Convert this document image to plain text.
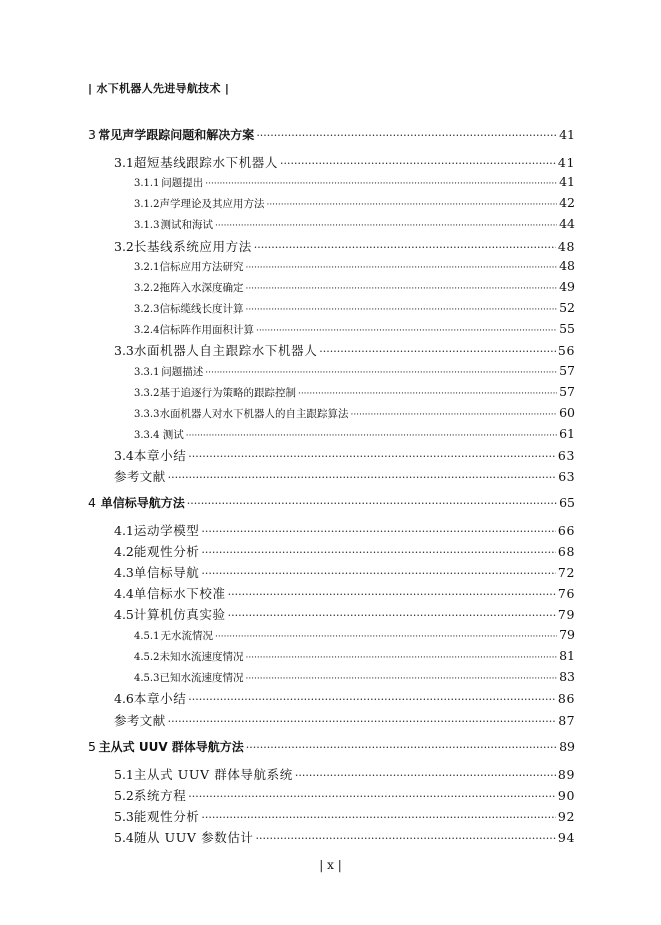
| 水下机器人先进导航技术 |
3 常见声学跟踪问题和解决方案 ·····	41
3.1 超短基线跟踪水下机器人 ·····	41
3.1.1 问题提出 ·····	41
3.1.2 声学理论及其应用方法 ·····	42
3.1.3 测试和海试 ·····	44
3.2 长基线系统应用方法 ·····	48
3.2.1 信标应用方法研究 ·····	48
3.2.2 拖阵入水深度确定 ·····	49
3.2.3 信标缆线长度计算 ·····	52
3.2.4 信标阵作用面积计算 ·····	55
3.3 水面机器人自主跟踪水下机器人 ·····	56
3.3.1 问题描述 ·····	57
3.3.2 基于追逐行为策略的跟踪控制 ·····	57
3.3.3 水面机器人对水下机器人的自主跟踪算法 ·····	60
3.3.4 测试 ·····	61
3.4 本章小结 ·····	63
参考文献 ·····	63
4 单信标导航方法 ·····	65
4.1 运动学模型 ·····	66
4.2 能观性分析 ·····	68
4.3 单信标导航 ·····	72
4.4 单信标水下校准 ·····	76
4.5 计算机仿真实验 ·····	79
4.5.1 无水流情况 ·····	79
4.5.2 未知水流速度情况 ·····	81
4.5.3 已知水流速度情况 ·····	83
4.6 本章小结 ·····	86
参考文献 ·····	87
5 主从式 UUV 群体导航方法 ·····	89
5.1 主从式 UUV 群体导航系统 ·····	89
5.2 系统方程 ·····	90
5.3 能观性分析 ·····	92
5.4 随从 UUV 参数估计 ·····	94
| x |
